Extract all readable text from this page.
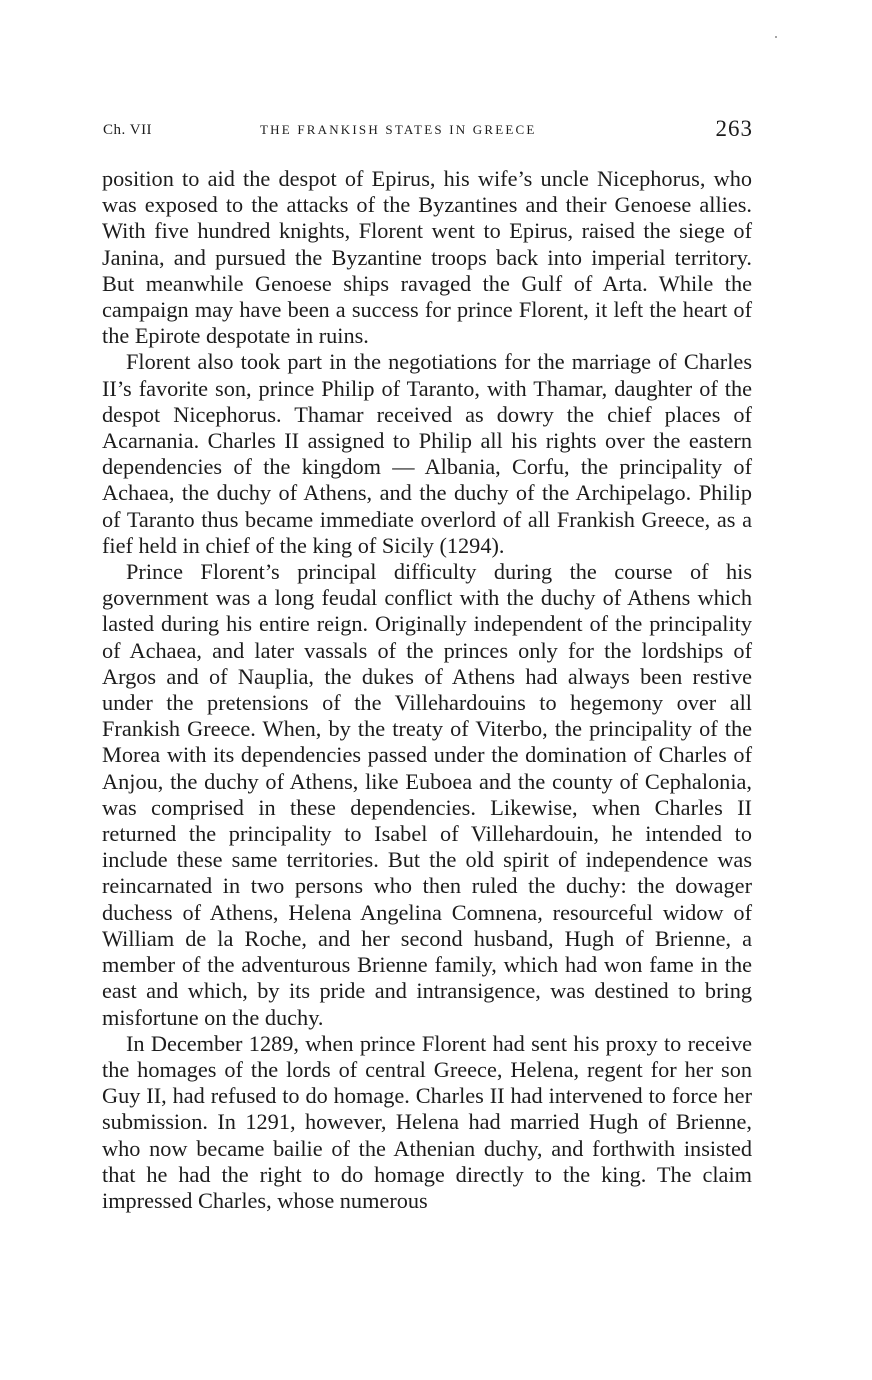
Ch. VII	THE FRANKISH STATES IN GREECE	263

position to aid the despot of Epirus, his wife’s uncle Nicephorus, who was exposed to the attacks of the Byzantines and their Genoese allies. With five hundred knights, Florent went to Epirus, raised the siege of Janina, and pursued the Byzantine troops back into imperial territory. But meanwhile Genoese ships ravaged the Gulf of Arta. While the campaign may have been a success for prince Florent, it left the heart of the Epirote despotate in ruins.

Florent also took part in the negotiations for the marriage of Charles II’s favorite son, prince Philip of Taranto, with Thamar, daughter of the despot Nicephorus. Thamar received as dowry the chief places of Acarnania. Charles II assigned to Philip all his rights over the eastern dependencies of the kingdom — Albania, Corfu, the principality of Achaea, the duchy of Athens, and the duchy of the Archipelago. Philip of Taranto thus became immediate overlord of all Frankish Greece, as a fief held in chief of the king of Sicily (1294).

Prince Florent’s principal difficulty during the course of his government was a long feudal conflict with the duchy of Athens which lasted during his entire reign. Originally independent of the principality of Achaea, and later vassals of the princes only for the lordships of Argos and of Nauplia, the dukes of Athens had always been restive under the pretensions of the Villehardouins to hegemony over all Frankish Greece. When, by the treaty of Viterbo, the principality of the Morea with its dependencies passed under the domination of Charles of Anjou, the duchy of Athens, like Euboea and the county of Cephalonia, was comprised in these dependencies. Likewise, when Charles II returned the principality to Isabel of Villehardouin, he intended to include these same territories. But the old spirit of independence was reincarnated in two persons who then ruled the duchy: the dowager duchess of Athens, Helena Angelina Comnena, resourceful widow of William de la Roche, and her second husband, Hugh of Brienne, a member of the adventurous Brienne family, which had won fame in the east and which, by its pride and intransigence, was destined to bring misfortune on the duchy.

In December 1289, when prince Florent had sent his proxy to receive the homages of the lords of central Greece, Helena, regent for her son Guy II, had refused to do homage. Charles II had intervened to force her submission. In 1291, however, Helena had married Hugh of Brienne, who now became bailie of the Athenian duchy, and forthwith insisted that he had the right to do homage directly to the king. The claim impressed Charles, whose numerous
